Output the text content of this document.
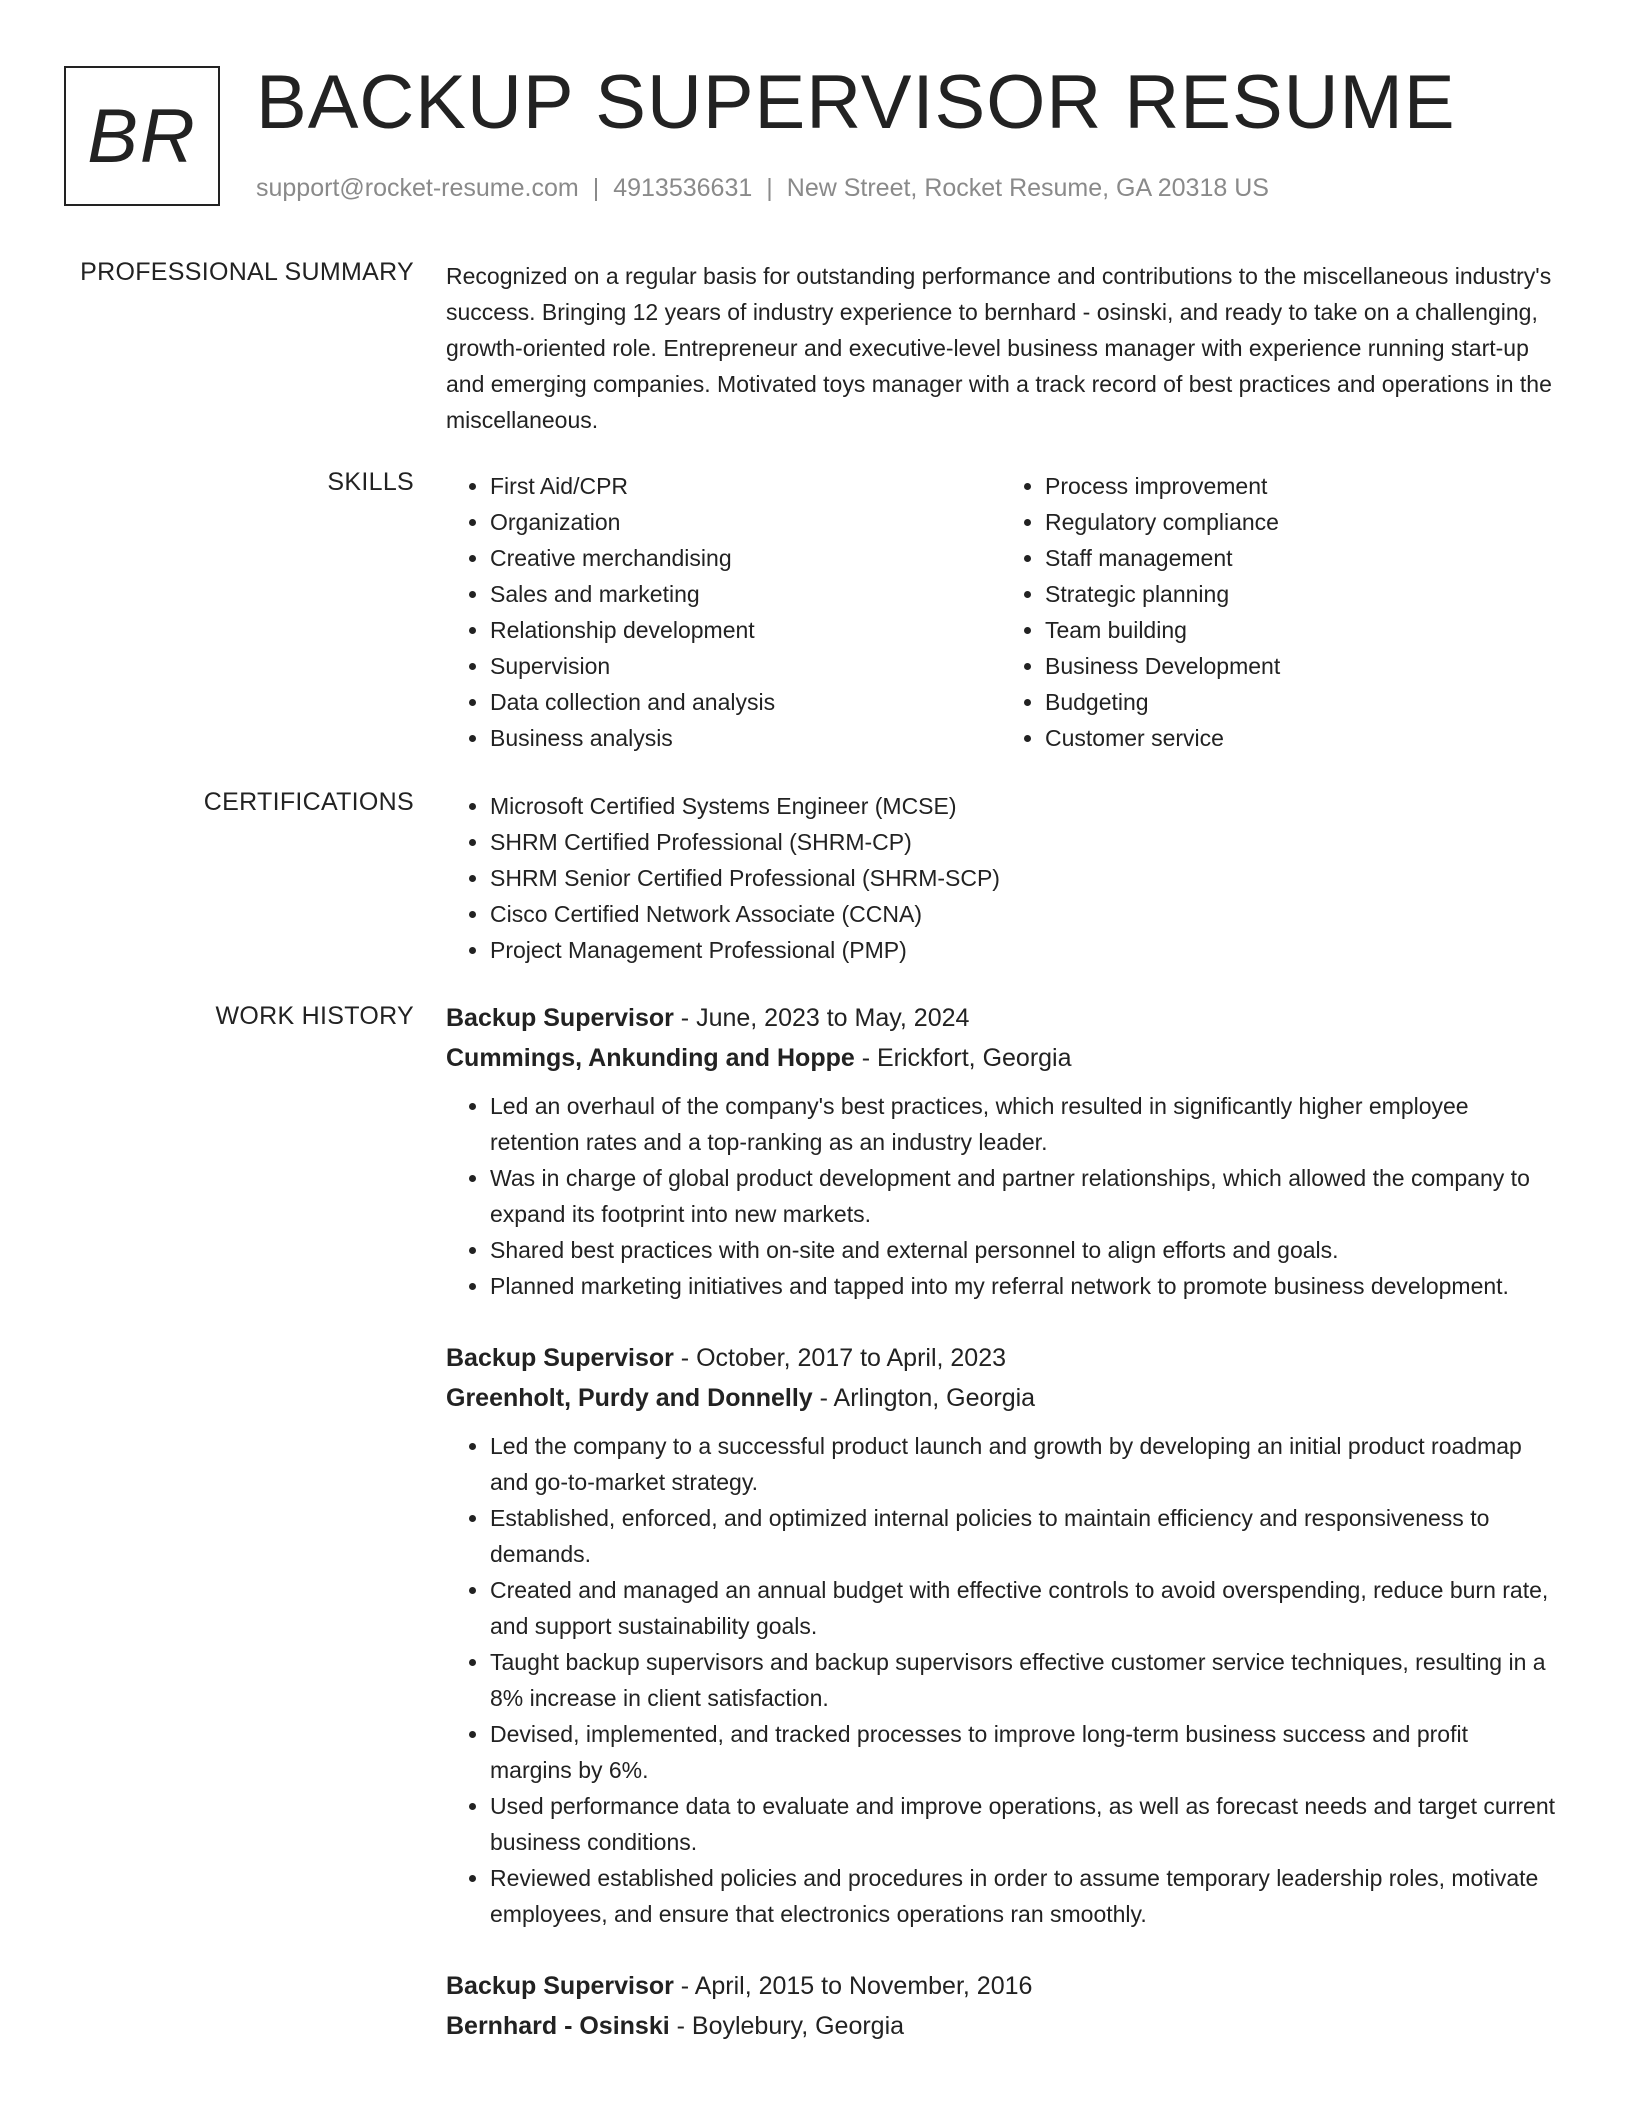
BR BACKUP SUPERVISOR RESUME
support@rocket-resume.com | 4913536631 | New Street, Rocket Resume, GA 20318 US
PROFESSIONAL SUMMARY Recognized on a regular basis for outstanding performance and contributions to the miscellaneous industry's success. Bringing 12 years of industry experience to bernhard - osinski, and ready to take on a challenging, growth-oriented role. Entrepreneur and executive-level business manager with experience running start-up and emerging companies. Motivated toys manager with a track record of best practices and operations in the miscellaneous.

SKILLS	• First Aid/CPR
• Organization
• Creative merchandising
• Sales and marketing
• Relationship development
• Supervision
• Data collection and analysis
• Business analysis
• Process improvement
• Regulatory compliance
• Staff management
• Strategic planning
• Team building
• Business Development
• Budgeting
• Customer service
CERTIFICATIONS	• Microsoft Certified Systems Engineer (MCSE)
• SHRM Certified Professional (SHRM-CP)
• SHRM Senior Certified Professional (SHRM-SCP)
• Cisco Certified Network Associate (CCNA)
• Project Management Professional (PMP)
WORK HISTORY Backup Supervisor - June, 2023 to May, 2024
Cummings, Ankunding and Hoppe - Erickfort, Georgia
• Led an overhaul of the company's best practices, which resulted in significantly higher employee retention rates and a top-ranking as an industry leader.
• Was in charge of global product development and partner relationships, which allowed the company to expand its footprint into new markets.
• Shared best practices with on-site and external personnel to align efforts and goals.
• Planned marketing initiatives and tapped into my referral network to promote business development.
Backup Supervisor - October, 2017 to April, 2023
Greenholt, Purdy and Donnelly - Arlington, Georgia
• Led the company to a successful product launch and growth by developing an initial product roadmap and go-to-market strategy.
• Established, enforced, and optimized internal policies to maintain efficiency and responsiveness to demands.
• Created and managed an annual budget with effective controls to avoid overspending, reduce burn rate, and support sustainability goals.
• Taught backup supervisors and backup supervisors effective customer service techniques, resulting in a 8% increase in client satisfaction.
• Devised, implemented, and tracked processes to improve long-term business success and profit margins by 6%.
• Used performance data to evaluate and improve operations, as well as forecast needs and target current business conditions.
• Reviewed established policies and procedures in order to assume temporary leadership roles, motivate employees, and ensure that electronics operations ran smoothly.
Backup Supervisor - April, 2015 to November, 2016
Bernhard - Osinski - Boylebury, Georgia
